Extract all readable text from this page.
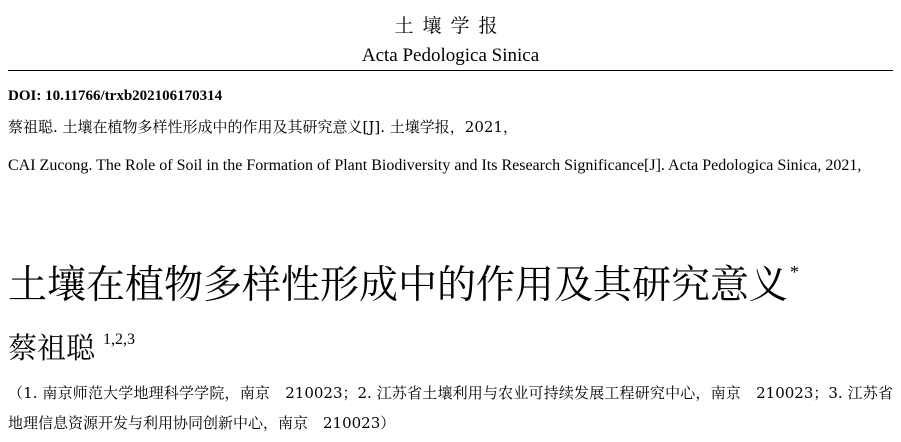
土壤学报
Acta Pedologica Sinica
DOI: 10.11766/trxb202106170314
蔡祖聪. 土壤在植物多样性形成中的作用及其研究意义[J]. 土壤学报，2021，
CAI Zucong. The Role of Soil in the Formation of Plant Biodiversity and Its Research Significance[J]. Acta Pedologica Sinica, 2021,
土壤在植物多样性形成中的作用及其研究意义 *
蔡祖聪 $^{1,2,3}$
（1. 南京师范大学地理科学学院，南京　210023；2. 江苏省土壤利用与农业可持续发展工程研究中心，南京　210023；3. 江苏省地理信息资源开发与利用协同创新中心，南京　210023）
